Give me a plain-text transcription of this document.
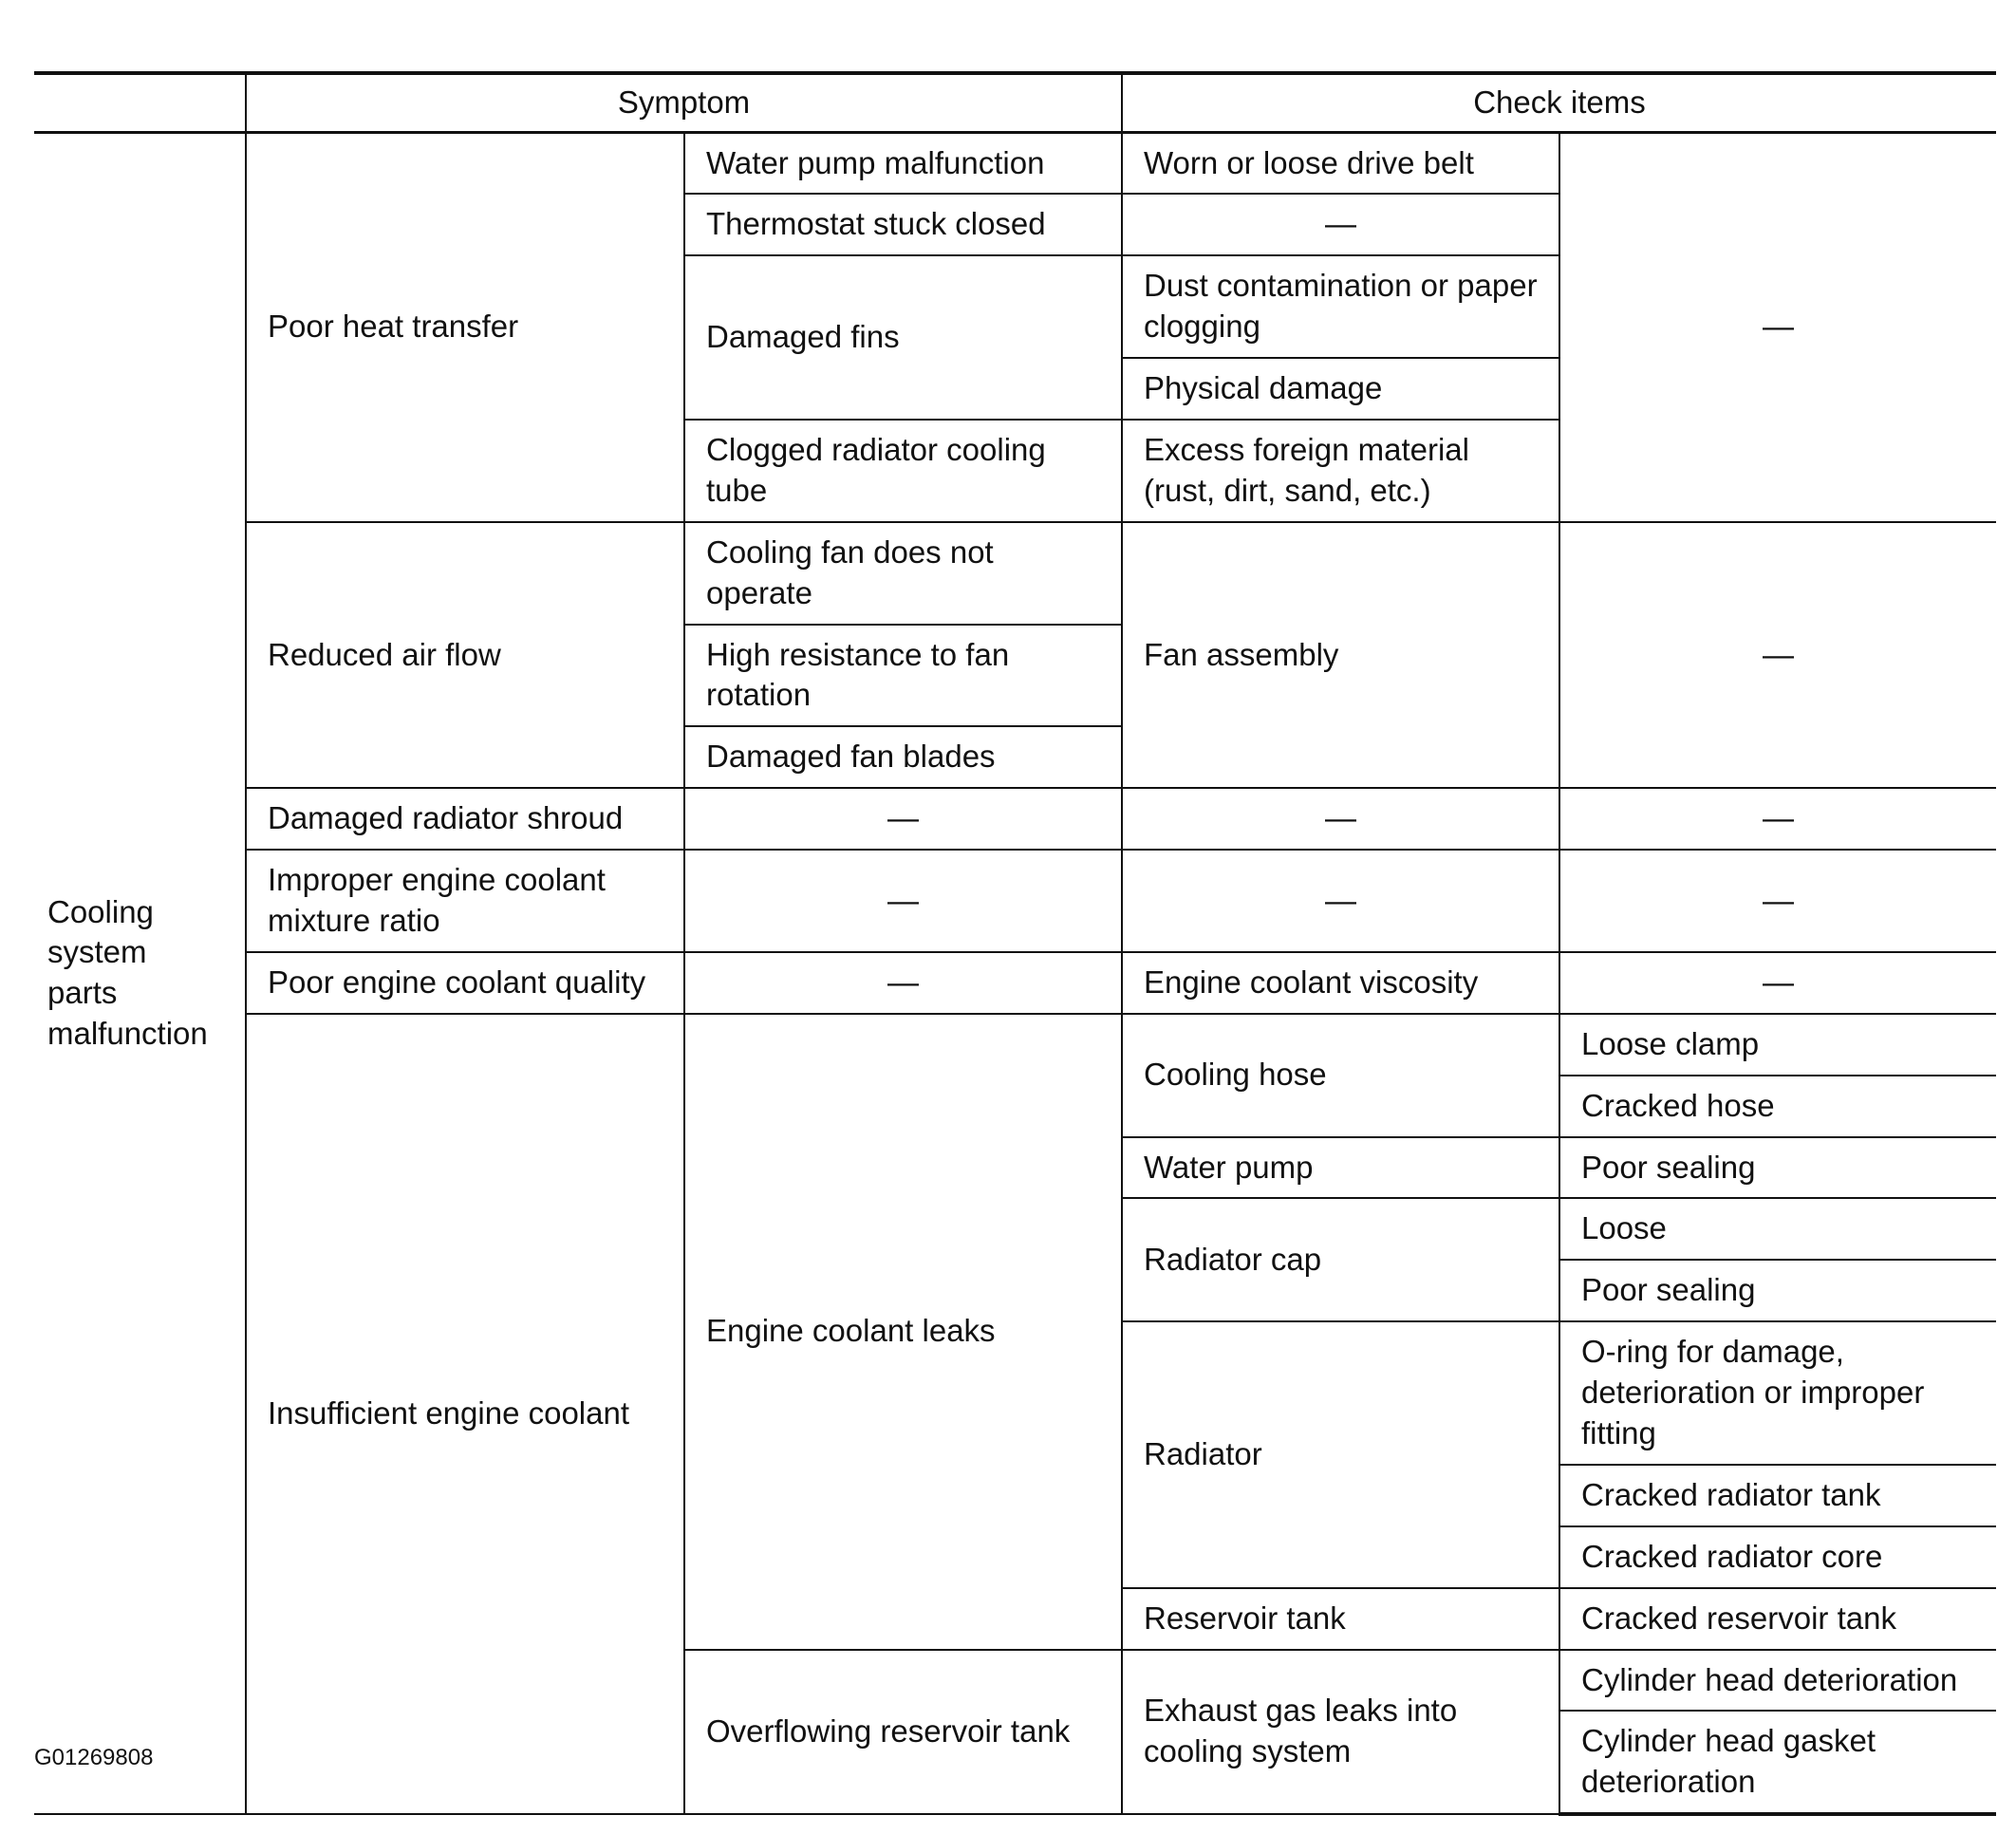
	Symptom		Check items	
Cooling system parts malfunction	Poor heat transfer	Water pump malfunction	Worn or loose drive belt	—
		Thermostat stuck closed	—	
		Damaged fins	Dust contamination or paper clogging	
			Physical damage	
		Clogged radiator cooling tube	Excess foreign material (rust, dirt, sand, etc.)	

	Reduced air flow	Cooling fan does not operate	Fan assembly	—
		High resistance to fan rotation		
		Damaged fan blades		
	Damaged radiator shroud	—	—	—
	Improper engine coolant mixture ratio	—	—	—
	Poor engine coolant quality	—	Engine coolant viscosity	—
	Insufficient engine coolant	Engine coolant leaks	Cooling hose	Loose clamp
				Cracked hose
			Water pump	Poor sealing
			Radiator cap	Loose
				Poor sealing
			Radiator	O-ring for damage, deterioration or improper fitting
				Cracked radiator tank
				Cracked radiator core
			Reservoir tank	Cracked reservoir tank
		Overflowing reservoir tank	Exhaust gas leaks into cooling system	Cylinder head deterioration
				Cylinder head gasket deterioration
G01269808
